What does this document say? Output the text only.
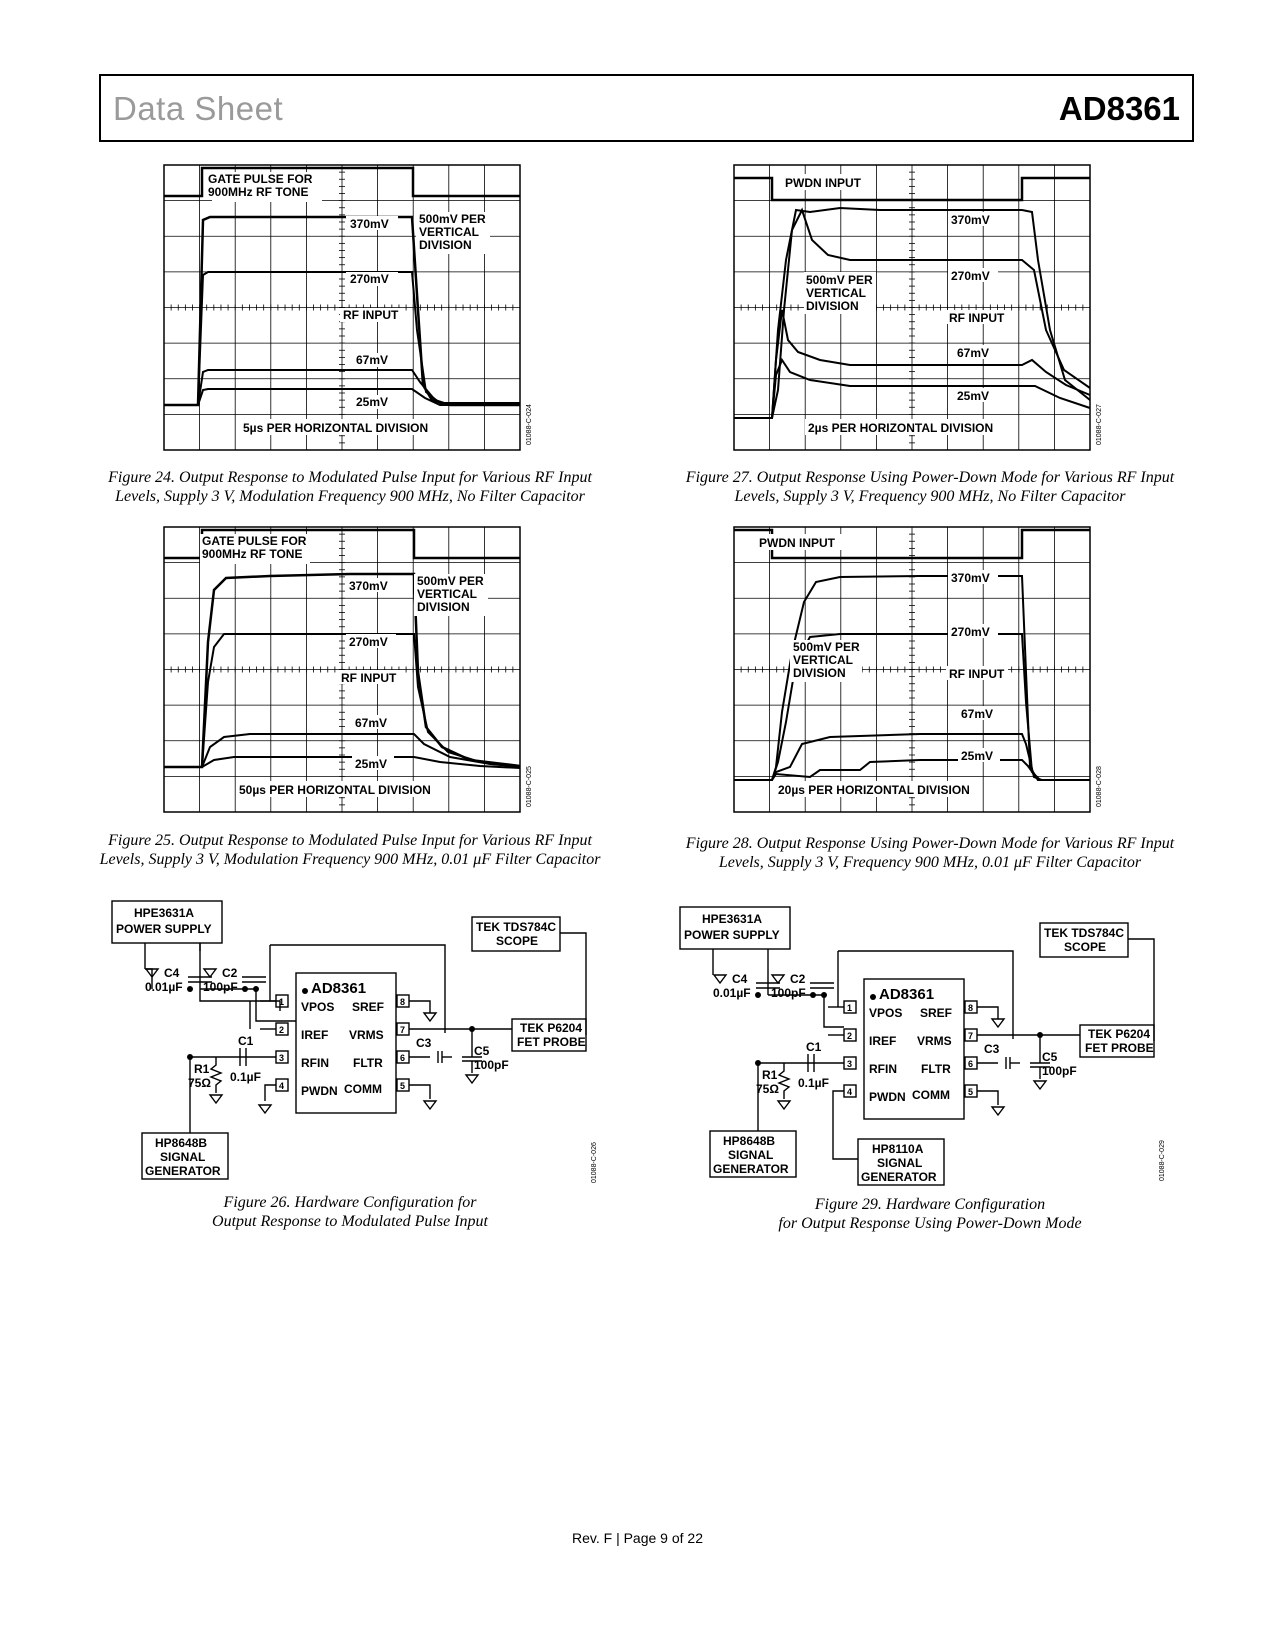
Data Sheet	AD8361
GATE PULSE FOR
900MHz RF TONE
370mV	500mV PER
VERTICAL
DIVISION
270mV
RF INPUT
67mV
25mV
5µs PER HORIZONTAL DIVISION	01088-C-024
Figure 24. Output Response to Modulated Pulse Input for Various RF Input
Levels, Supply 3 V, Modulation Frequency 900 MHz, No Filter Capacitor
PWDN INPUT
370mV
500mV PER
VERTICAL
DIVISION
270mV
RF INPUT
67mV
25mV
2µs PER HORIZONTAL DIVISION	01088-C-027
Figure 27. Output Response Using Power-Down Mode for Various RF Input
Levels, Supply 3 V, Frequency 900 MHz, No Filter Capacitor
GATE PULSE FOR
900MHz RF TONE
370mV 500mV PER
VERTICAL
DIVISION
270mV
RF INPUT
67mV
25mV
50µs PER HORIZONTAL DIVISION	01088-C-025
Figure 25. Output Response to Modulated Pulse Input for Various RF Input
Levels, Supply 3 V, Modulation Frequency 900 MHz, 0.01 μF Filter Capacitor
PWDN INPUT
370mV
500mV PER
VERTICAL
DIVISION
270mV
RF INPUT
67mV
25mV
20µs PER HORIZONTAL DIVISION	01088-C-028
Figure 28. Output Response Using Power-Down Mode for Various RF Input
Levels, Supply 3 V, Frequency 900 MHz, 0.01 μF Filter Capacitor
HPE3631A
POWER SUPPLY
C4
0.01µF
C2
100pF	AD8361
VPOS SREF
IREF VRMS
RFIN FLTR
PWDN COMM
C1
0.1µF
R1
75Ω
C3
C5
100pF
TEK TDS784C
SCOPE
TEK P6204
FET PROBE
HP8648B
SIGNAL
GENERATOR
1
2
3
4	5
6
7
8
01088-C-026
Figure 26. Hardware Configuration for
Output Response to Modulated Pulse Input
HPE3631A
POWER SUPPLY
C4
0.01µF
C2
100pF	AD8361
VPOS SREF
IREF VRMS
RFIN FLTR
PWDN COMM
C1
0.1µF
R1
75Ω
C3
C5
100pF
TEK TDS784C
SCOPE
TEK P6204
FET PROBE
HP8648B
SIGNAL
GENERATOR
HP8110A
SIGNAL
GENERATOR
1
2
3
4	5
6
7
8
01088-C-029
Figure 29. Hardware Configuration
for Output Response Using Power-Down Mode
Rev. F | Page 9 of 22
